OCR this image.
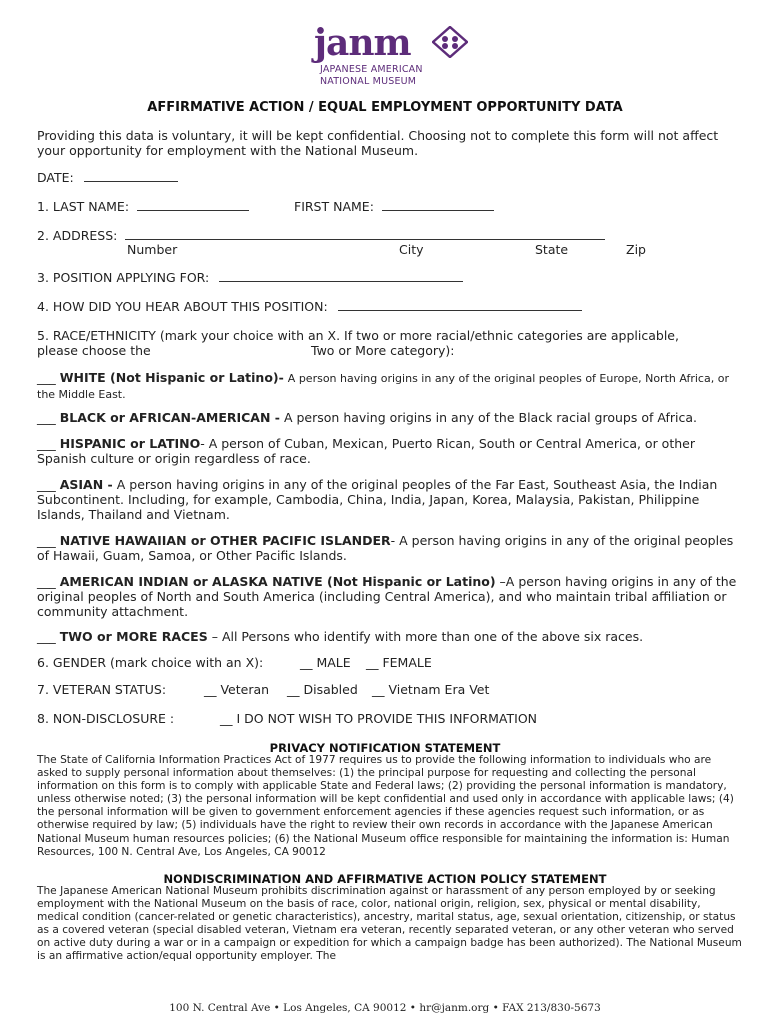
janm
JAPANESE AMERICAN
NATIONAL MUSEUM
AFFIRMATIVE ACTION / EQUAL EMPLOYMENT OPPORTUNITY DATA
Providing this data is voluntary, it will be kept confidential. Choosing not to complete this form will not affect your opportunity for employment with the National Museum.
DATE:
1. LAST NAME:	FIRST NAME:
2. ADDRESS:
Number	City	State	Zip
3. POSITION APPLYING FOR:
4. HOW DID YOU HEAR ABOUT THIS POSITION:
5. RACE/ETHNICITY (mark your choice with an X. If two or more racial/ethnic categories are applicable,
please choose the	Two or More category):
___ WHITE (Not Hispanic or Latino)- A person having origins in any of the original peoples of Europe, North Africa, or the Middle East.
___ BLACK or AFRICAN-AMERICAN - A person having origins in any of the Black racial groups of Africa.
___ HISPANIC or LATINO- A person of Cuban, Mexican, Puerto Rican, South or Central America, or other Spanish culture or origin regardless of race.
___ ASIAN - A person having origins in any of the original peoples of the Far East, Southeast Asia, the Indian Subcontinent. Including, for example, Cambodia, China, India, Japan, Korea, Malaysia, Pakistan, Philippine Islands, Thailand and Vietnam.
___ NATIVE HAWAIIAN or OTHER PACIFIC ISLANDER- A person having origins in any of the original peoples of Hawaii, Guam, Samoa, or Other Pacific Islands.
___ AMERICAN INDIAN or ALASKA NATIVE (Not Hispanic or Latino) –A person having origins in any of the original peoples of North and South America (including Central America), and who maintain tribal affiliation or community attachment.
___ TWO or MORE RACES – All Persons who identify with more than one of the above six races.
6. GENDER (mark choice with an X):	__ MALE __ FEMALE
7. VETERAN STATUS:	__ Veteran __ Disabled __ Vietnam Era Vet
8. NON-DISCLOSURE :	__ I DO NOT WISH TO PROVIDE THIS INFORMATION
PRIVACY NOTIFICATION STATEMENT
The State of California Information Practices Act of 1977 requires us to provide the following information to individuals who are asked to supply personal information about themselves: (1) the principal purpose for requesting and collecting the personal information on this form is to comply with applicable State and Federal laws; (2) providing the personal information is mandatory, unless otherwise noted; (3) the personal information will be kept confidential and used only in accordance with applicable laws; (4) the personal information will be given to government enforcement agencies if these agencies request such information, or as otherwise required by law; (5) individuals have the right to review their own records in accordance with the Japanese American National Museum human resources policies; (6) the National Museum office responsible for maintaining the information is: Human Resources, 100 N. Central Ave, Los Angeles, CA 90012
NONDISCRIMINATION AND AFFIRMATIVE ACTION POLICY STATEMENT
The Japanese American National Museum prohibits discrimination against or harassment of any person employed by or seeking employment with the National Museum on the basis of race, color, national origin, religion, sex, physical or mental disability, medical condition (cancer-related or genetic characteristics), ancestry, marital status, age, sexual orientation, citizenship, or status as a covered veteran (special disabled veteran, Vietnam era veteran, recently separated veteran, or any other veteran who served on active duty during a war or in a campaign or expedition for which a campaign badge has been authorized). The National Museum is an affirmative action/equal opportunity employer. The
100 N. Central Ave • Los Angeles, CA 90012 • hr@janm.org • FAX 213/830-5673
